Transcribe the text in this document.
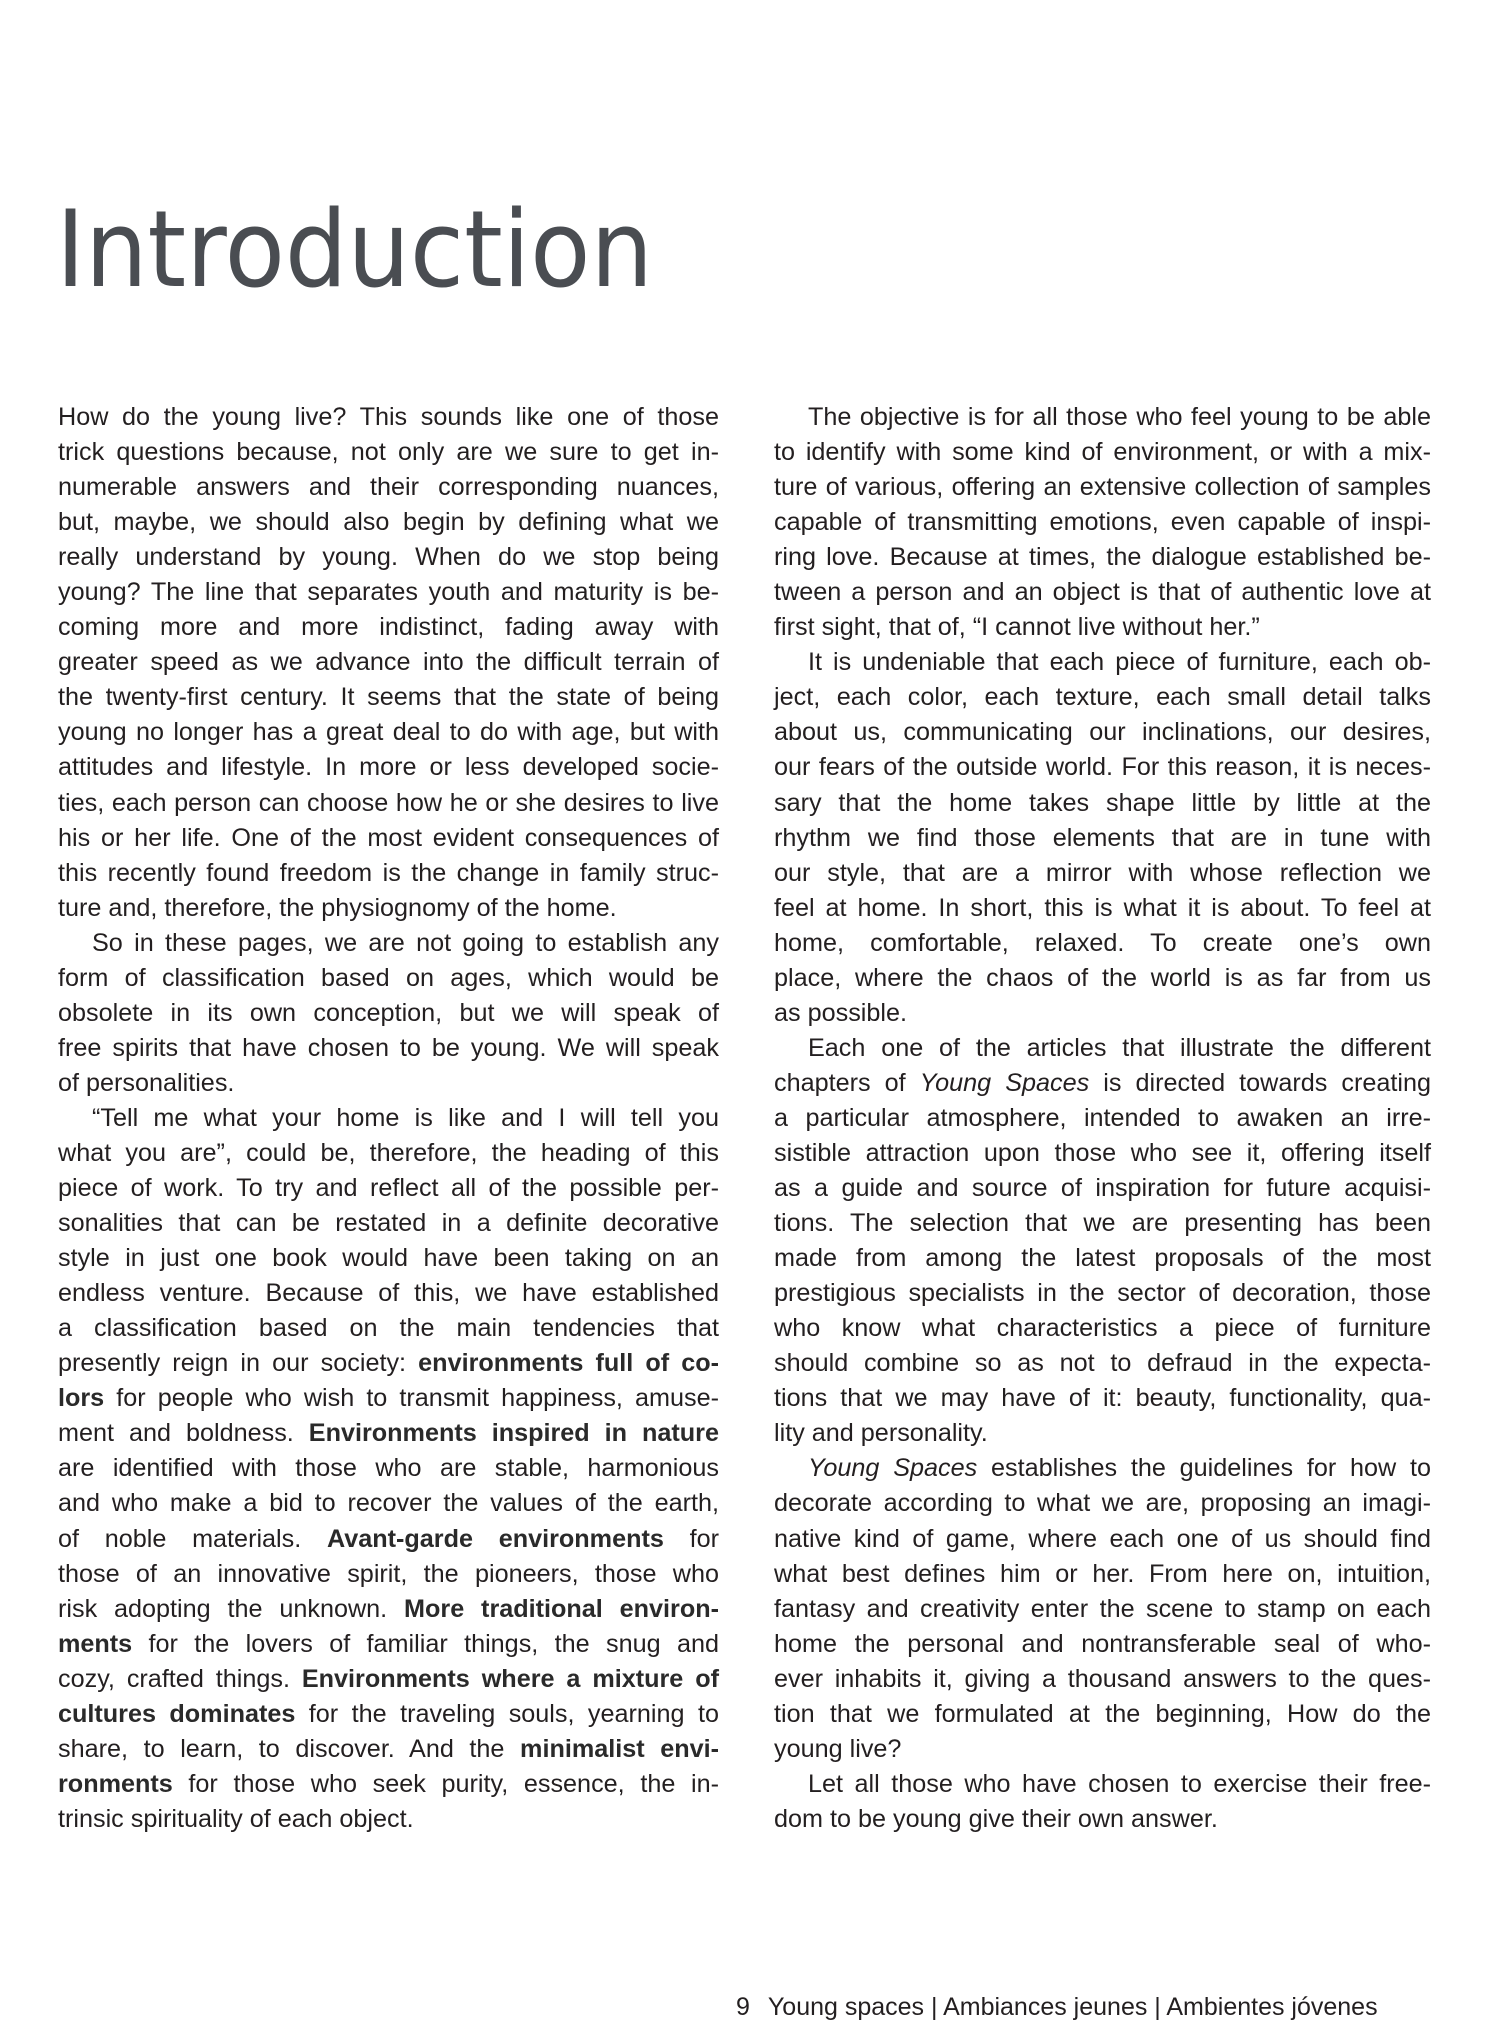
Introduction
How do the young live? This sounds like one of those
trick questions because, not only are we sure to get in-
numerable answers and their corresponding nuances,
but, maybe, we should also begin by defining what we
really understand by young. When do we stop being
young? The line that separates youth and maturity is be-
coming more and more indistinct, fading away with
greater speed as we advance into the difficult terrain of
the twenty-first century. It seems that the state of being
young no longer has a great deal to do with age, but with
attitudes and lifestyle. In more or less developed socie-
ties, each person can choose how he or she desires to live
his or her life. One of the most evident consequences of
this recently found freedom is the change in family struc-
ture and, therefore, the physiognomy of the home.
So in these pages, we are not going to establish any
form of classification based on ages, which would be
obsolete in its own conception, but we will speak of
free spirits that have chosen to be young. We will speak
of personalities.
“Tell me what your home is like and I will tell you
what you are”, could be, therefore, the heading of this
piece of work. To try and reflect all of the possible per-
sonalities that can be restated in a definite decorative
style in just one book would have been taking on an
endless venture. Because of this, we have established
a classification based on the main tendencies that
presently reign in our society: environments full of co-
lors for people who wish to transmit happiness, amuse-
ment and boldness. Environments inspired in nature
are identified with those who are stable, harmonious
and who make a bid to recover the values of the earth,
of noble materials. Avant-garde environments for
those of an innovative spirit, the pioneers, those who
risk adopting the unknown. More traditional environ-
ments for the lovers of familiar things, the snug and
cozy, crafted things. Environments where a mixture of
cultures dominates for the traveling souls, yearning to
share, to learn, to discover. And the minimalist envi-
ronments for those who seek purity, essence, the in-
trinsic spirituality of each object.
The objective is for all those who feel young to be able
to identify with some kind of environment, or with a mix-
ture of various, offering an extensive collection of samples
capable of transmitting emotions, even capable of inspi-
ring love. Because at times, the dialogue established be-
tween a person and an object is that of authentic love at
first sight, that of, “I cannot live without her.”
It is undeniable that each piece of furniture, each ob-
ject, each color, each texture, each small detail talks
about us, communicating our inclinations, our desires,
our fears of the outside world. For this reason, it is neces-
sary that the home takes shape little by little at the
rhythm we find those elements that are in tune with
our style, that are a mirror with whose reflection we
feel at home. In short, this is what it is about. To feel at
home, comfortable, relaxed. To create one’s own
place, where the chaos of the world is as far from us
as possible.
Each one of the articles that illustrate the different
chapters of Young Spaces is directed towards creating
a particular atmosphere, intended to awaken an irre-
sistible attraction upon those who see it, offering itself
as a guide and source of inspiration for future acquisi-
tions. The selection that we are presenting has been
made from among the latest proposals of the most
prestigious specialists in the sector of decoration, those
who know what characteristics a piece of furniture
should combine so as not to defraud in the expecta-
tions that we may have of it: beauty, functionality, qua-
lity and personality.
Young Spaces establishes the guidelines for how to
decorate according to what we are, proposing an imagi-
native kind of game, where each one of us should find
what best defines him or her. From here on, intuition,
fantasy and creativity enter the scene to stamp on each
home the personal and nontransferable seal of who-
ever inhabits it, giving a thousand answers to the ques-
tion that we formulated at the beginning, How do the
young live?
Let all those who have chosen to exercise their free-
dom to be young give their own answer.
9 Young spaces | Ambiances jeunes | Ambientes jóvenes
